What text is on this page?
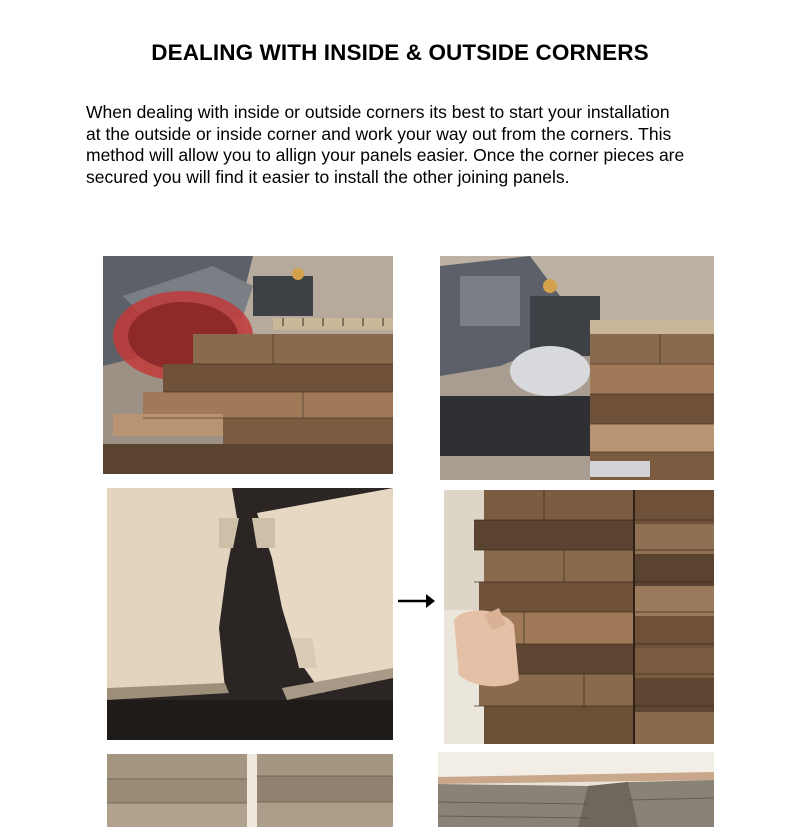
DEALING WITH INSIDE & OUTSIDE CORNERS
When dealing with inside or outside corners its best to start your installation
at the outside or inside corner and work your way out from the corners. This
method will allow you to allign your panels easier. Once the corner pieces are
secured you will find it easier to install the other joining panels.
